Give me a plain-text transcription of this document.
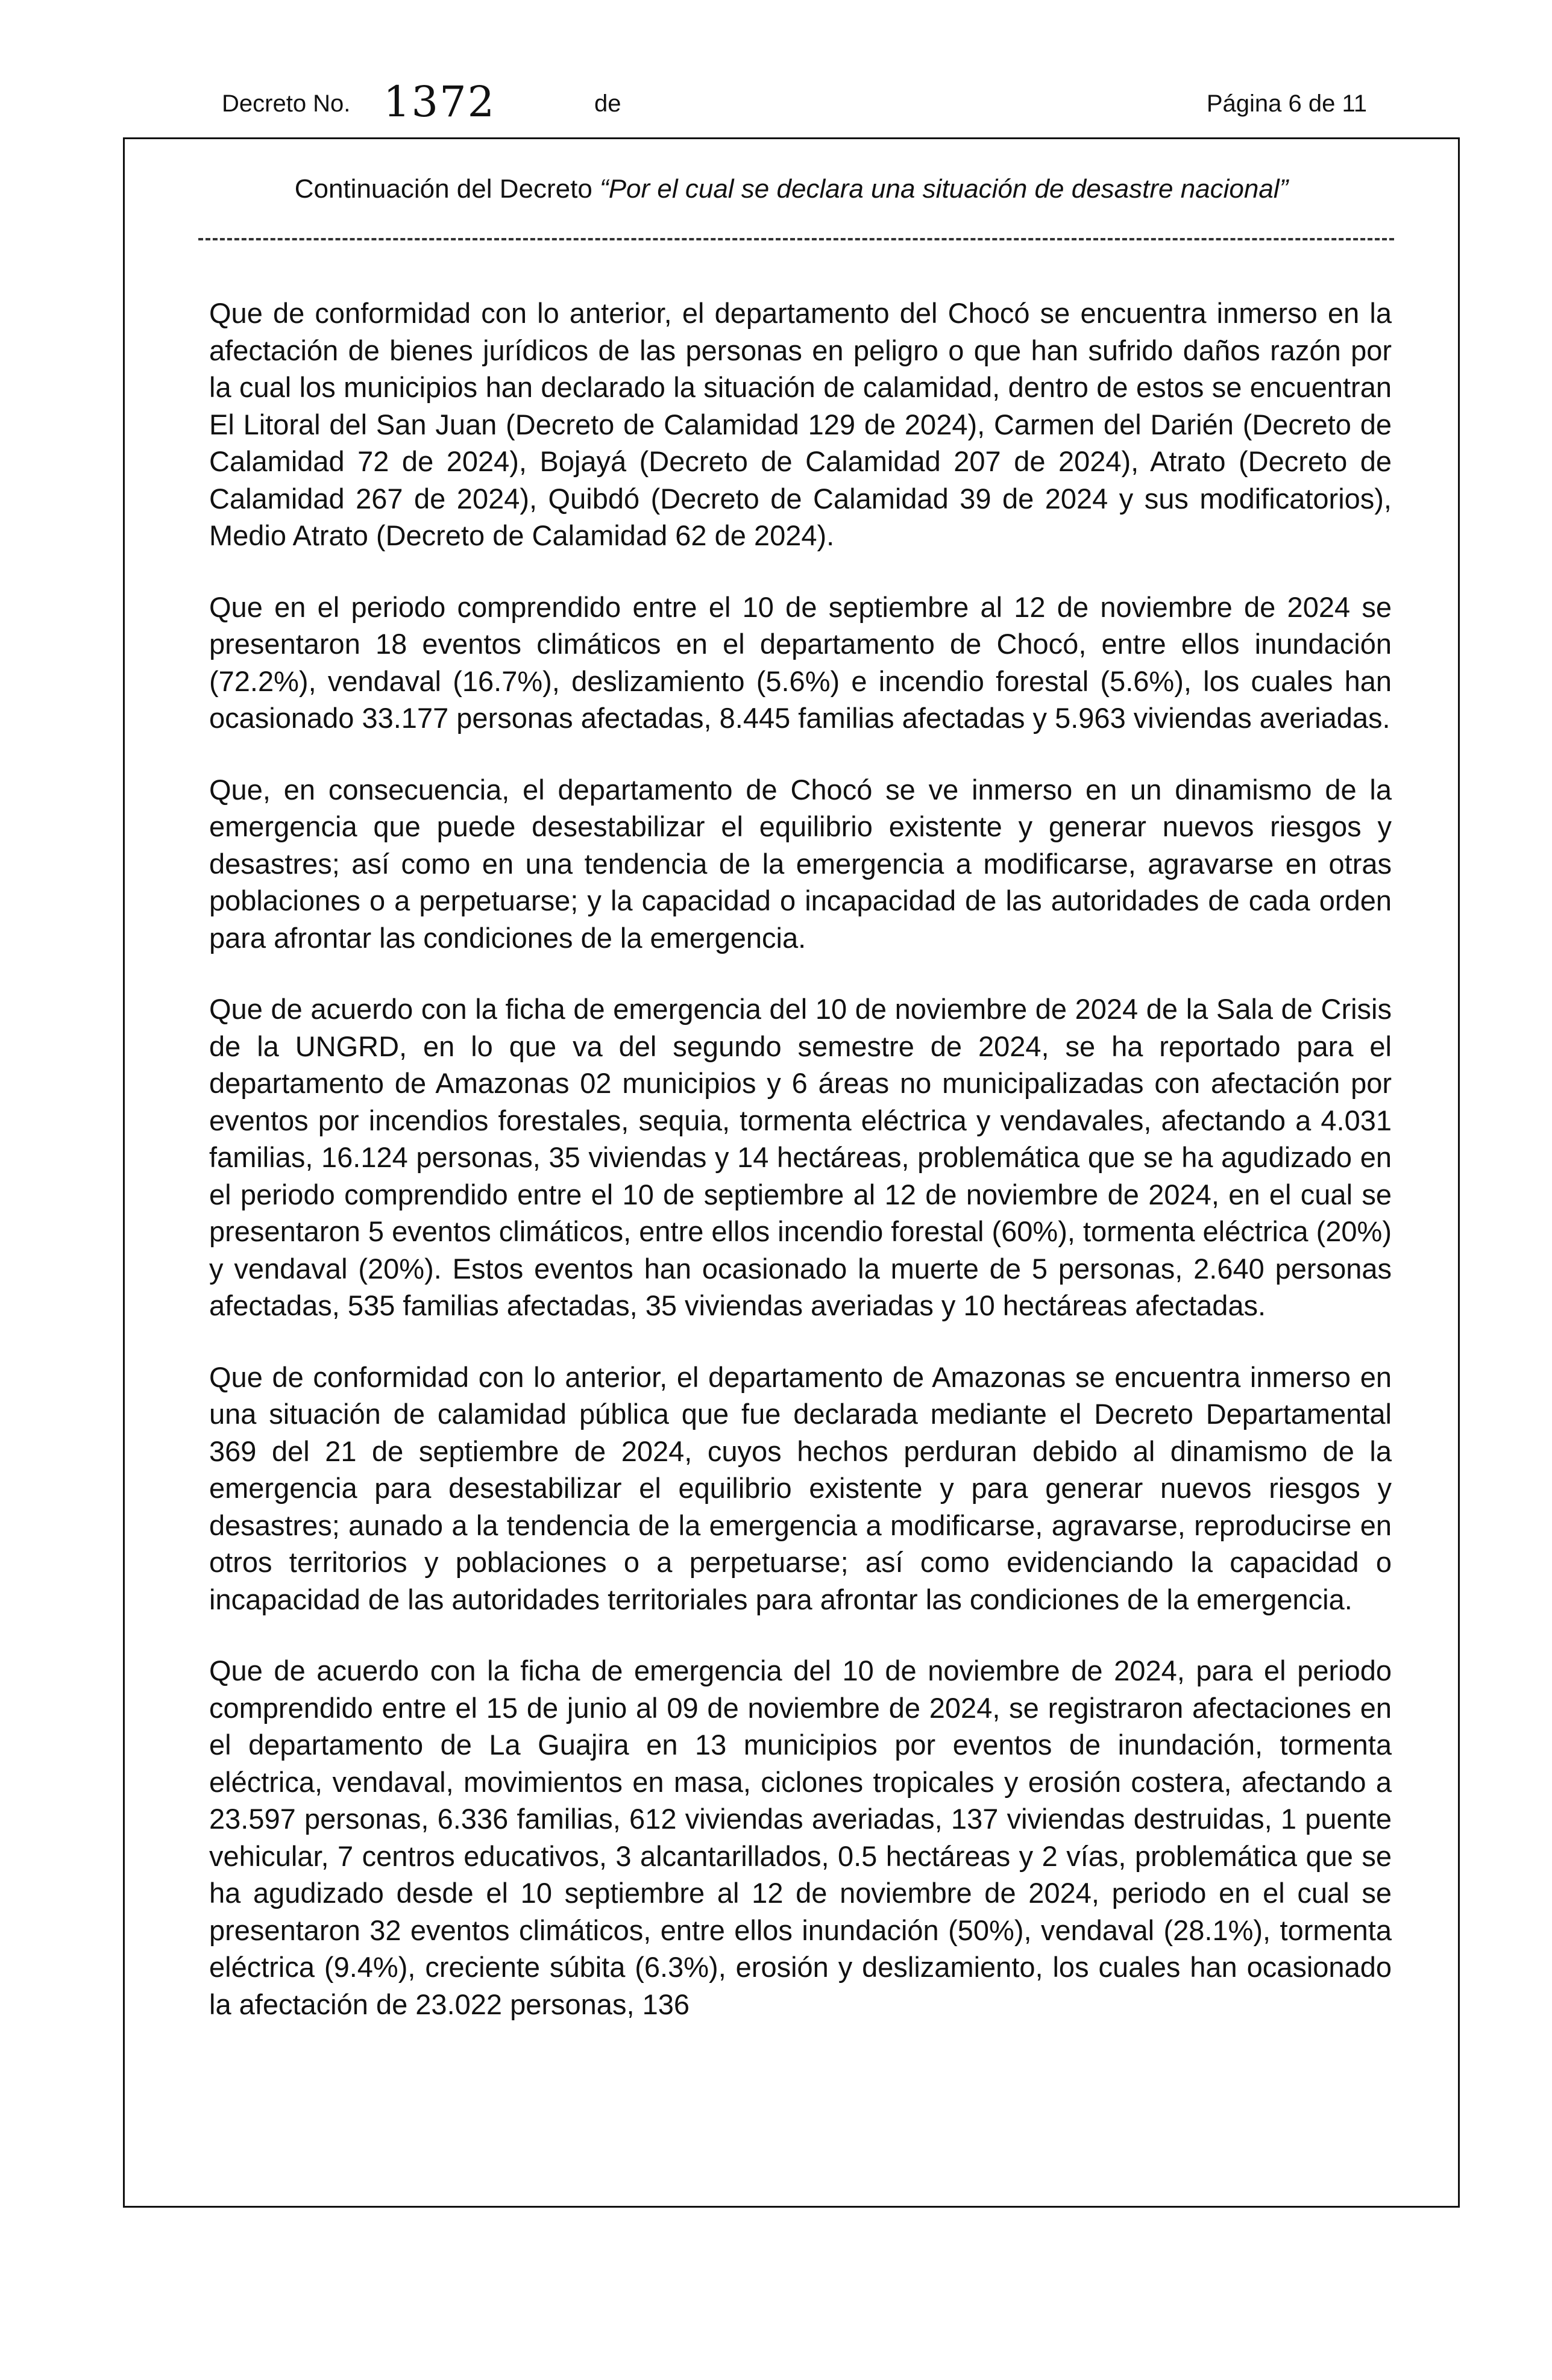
Decreto No. 1372	de	Página 6 de 11
Continuación del Decreto “Por el cual se declara una situación de desastre nacional”

Que de conformidad con lo anterior, el departamento del Chocó se encuentra inmerso en la afectación de bienes jurídicos de las personas en peligro o que han sufrido daños razón por la cual los municipios han declarado la situación de calamidad, dentro de estos se encuentran El Litoral del San Juan (Decreto de Calamidad 129 de 2024), Carmen del Darién (Decreto de Calamidad 72 de 2024), Bojayá (Decreto de Calamidad 207 de 2024), Atrato (Decreto de Calamidad 267 de 2024), Quibdó (Decreto de Calamidad 39 de 2024 y sus modificatorios), Medio Atrato (Decreto de Calamidad 62 de 2024).

Que en el periodo comprendido entre el 10 de septiembre al 12 de noviembre de 2024 se presentaron 18 eventos climáticos en el departamento de Chocó, entre ellos inundación (72.2%), vendaval (16.7%), deslizamiento (5.6%) e incendio forestal (5.6%), los cuales han ocasionado 33.177 personas afectadas, 8.445 familias afectadas y 5.963 viviendas averiadas.

Que, en consecuencia, el departamento de Chocó se ve inmerso en un dinamismo de la emergencia que puede desestabilizar el equilibrio existente y generar nuevos riesgos y desastres; así como en una tendencia de la emergencia a modificarse, agravarse en otras poblaciones o a perpetuarse; y la capacidad o incapacidad de las autoridades de cada orden para afrontar las condiciones de la emergencia.

Que de acuerdo con la ficha de emergencia del 10 de noviembre de 2024 de la Sala de Crisis de la UNGRD, en lo que va del segundo semestre de 2024, se ha reportado para el departamento de Amazonas 02 municipios y 6 áreas no municipalizadas con afectación por eventos por incendios forestales, sequia, tormenta eléctrica y vendavales, afectando a 4.031 familias, 16.124 personas, 35 viviendas y 14 hectáreas, problemática que se ha agudizado en el periodo comprendido entre el 10 de septiembre al 12 de noviembre de 2024, en el cual se presentaron 5 eventos climáticos, entre ellos incendio forestal (60%), tormenta eléctrica (20%) y vendaval (20%). Estos eventos han ocasionado la muerte de 5 personas, 2.640 personas afectadas, 535 familias afectadas, 35 viviendas averiadas y 10 hectáreas afectadas.

Que de conformidad con lo anterior, el departamento de Amazonas se encuentra inmerso en una situación de calamidad pública que fue declarada mediante el Decreto Departamental 369 del 21 de septiembre de 2024, cuyos hechos perduran debido al dinamismo de la emergencia para desestabilizar el equilibrio existente y para generar nuevos riesgos y desastres; aunado a la tendencia de la emergencia a modificarse, agravarse, reproducirse en otros territorios y poblaciones o a perpetuarse; así como evidenciando la capacidad o incapacidad de las autoridades territoriales para afrontar las condiciones de la emergencia.

Que de acuerdo con la ficha de emergencia del 10 de noviembre de 2024, para el periodo comprendido entre el 15 de junio al 09 de noviembre de 2024, se registraron afectaciones en el departamento de La Guajira en 13 municipios por eventos de inundación, tormenta eléctrica, vendaval, movimientos en masa, ciclones tropicales y erosión costera, afectando a 23.597 personas, 6.336 familias, 612 viviendas averiadas, 137 viviendas destruidas, 1 puente vehicular, 7 centros educativos, 3 alcantarillados, 0.5 hectáreas y 2 vías, problemática que se ha agudizado desde el 10 septiembre al 12 de noviembre de 2024, periodo en el cual se presentaron 32 eventos climáticos, entre ellos inundación (50%), vendaval (28.1%), tormenta eléctrica (9.4%), creciente súbita (6.3%), erosión y deslizamiento, los cuales han ocasionado la afectación de 23.022 personas, 136
